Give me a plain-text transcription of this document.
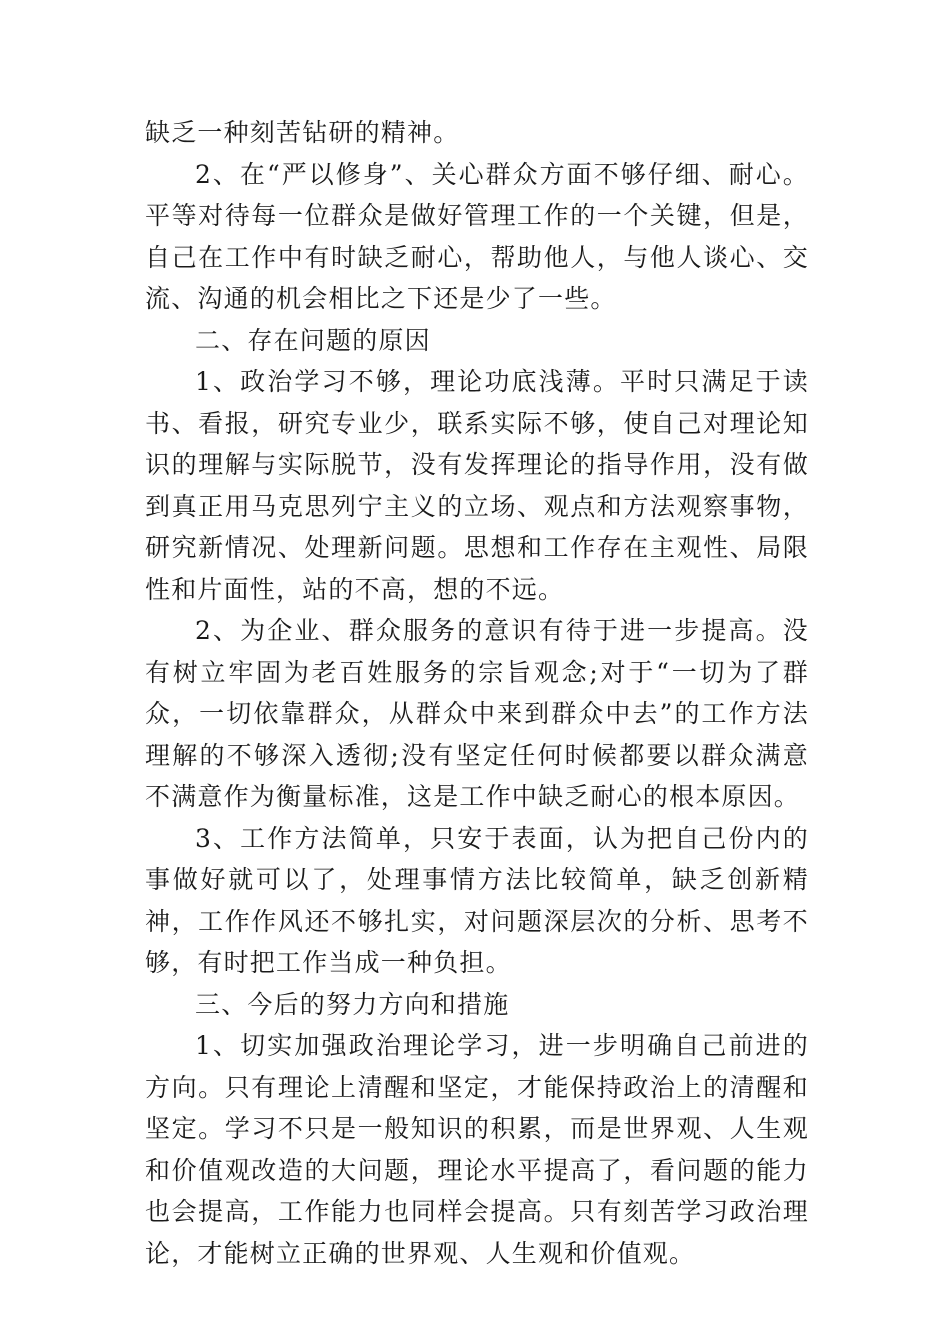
缺乏一种刻苦钻研的精神。

2、在“严以修身”、关心群众方面不够仔细、耐心。平等对待每一位群众是做好管理工作的一个关键，但是，自己在工作中有时缺乏耐心，帮助他人，与他人谈心、交流、沟通的机会相比之下还是少了一些。

二、存在问题的原因

1、政治学习不够，理论功底浅薄。平时只满足于读书、看报，研究专业少，联系实际不够，使自己对理论知识的理解与实际脱节，没有发挥理论的指导作用，没有做到真正用马克思列宁主义的立场、观点和方法观察事物，研究新情况、处理新问题。思想和工作存在主观性、局限性和片面性，站的不高，想的不远。

2、为企业、群众服务的意识有待于进一步提高。没有树立牢固为老百姓服务的宗旨观念;对于“一切为了群众，一切依靠群众，从群众中来到群众中去”的工作方法理解的不够深入透彻;没有坚定任何时候都要以群众满意不满意作为衡量标准，这是工作中缺乏耐心的根本原因。

3、工作方法简单，只安于表面，认为把自己份内的事做好就可以了，处理事情方法比较简单，缺乏创新精神，工作作风还不够扎实，对问题深层次的分析、思考不够，有时把工作当成一种负担。

三、今后的努力方向和措施

1、切实加强政治理论学习，进一步明确自己前进的方向。只有理论上清醒和坚定，才能保持政治上的清醒和坚定。学习不只是一般知识的积累，而是世界观、人生观和价值观改造的大问题，理论水平提高了，看问题的能力也会提高，工作能力也同样会提高。只有刻苦学习政治理论，才能树立正确的世界观、人生观和价值观。
